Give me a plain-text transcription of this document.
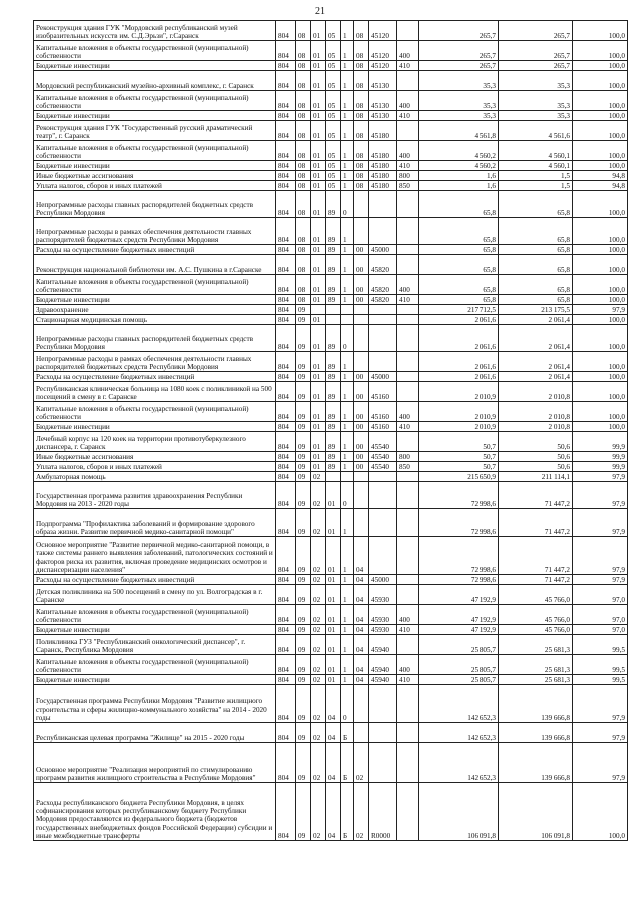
21
Реконструкция здания ГУК "Мордовский республиканский музей изобразительных искусств им. С.Д.Эрьзи", г.Саранск	804	08	01	05	1	08	45120		265,7	265,7	100,0
Капитальные вложения в объекты государственной (муниципальной) собственности	804	08	01	05	1	08	45120	400	265,7	265,7	100,0
Бюджетные инвестиции	804	08	01	05	1	08	45120	410	265,7	265,7	100,0
Мордовский республиканский музейно-архивный комплекс, г. Саранск	804	08	01	05	1	08	45130		35,3	35,3	100,0
Капитальные вложения в объекты государственной (муниципальной) собственности	804	08	01	05	1	08	45130	400	35,3	35,3	100,0
Бюджетные инвестиции	804	08	01	05	1	08	45130	410	35,3	35,3	100,0
Реконструкция здания ГУК "Государственный русский драматический театр", г. Саранск	804	08	01	05	1	08	45180		4 561,8	4 561,6	100,0
Капитальные вложения в объекты государственной (муниципальной) собственности	804	08	01	05	1	08	45180	400	4 560,2	4 560,1	100,0
Бюджетные инвестиции	804	08	01	05	1	08	45180	410	4 560,2	4 560,1	100,0
Иные бюджетные ассигнования	804	08	01	05	1	08	45180	800	1,6	1,5	94,8
Уплата налогов, сборов и иных платежей	804	08	01	05	1	08	45180	850	1,6	1,5	94,8
Непрограммные расходы главных распорядителей бюджетных средств Республики Мордовия	804	08	01	89	0				65,8	65,8	100,0
Непрограммные расходы в рамках обеспечения деятельности главных распорядителей бюджетных средств Республики Мордовия	804	08	01	89	1				65,8	65,8	100,0
Расходы на осуществление бюджетных инвестиций	804	08	01	89	1	00	45000		65,8	65,8	100,0
Реконструкция национальной библиотеки им. А.С. Пушкина в г.Саранске	804	08	01	89	1	00	45820		65,8	65,8	100,0
Капитальные вложения в объекты государственной (муниципальной) собственности	804	08	01	89	1	00	45820	400	65,8	65,8	100,0
Бюджетные инвестиции	804	08	01	89	1	00	45820	410	65,8	65,8	100,0
Здравоохранение	804	09							217 712,5	213 175,5	97,9
Стационарная медицинская помощь	804	09	01						2 061,6	2 061,4	100,0
Непрограммные расходы главных распорядителей бюджетных средств Республики Мордовия	804	09	01	89	0				2 061,6	2 061,4	100,0
Непрограммные расходы в рамках обеспечения деятельности главных распорядителей бюджетных средств Республики Мордовия	804	09	01	89	1				2 061,6	2 061,4	100,0
Расходы на осуществление бюджетных инвестиций	804	09	01	89	1	00	45000		2 061,6	2 061,4	100,0
Республиканская клиническая больница на 1080 коек с поликлиникой на 500 посещений в смену в г. Саранске	804	09	01	89	1	00	45160		2 010,9	2 010,8	100,0
Капитальные вложения в объекты государственной (муниципальной) собственности	804	09	01	89	1	00	45160	400	2 010,9	2 010,8	100,0
Бюджетные инвестиции	804	09	01	89	1	00	45160	410	2 010,9	2 010,8	100,0
Лечебный корпус на 120 коек на территории противотуберкулезного диспансера, г. Саранск	804	09	01	89	1	00	45540		50,7	50,6	99,9
Иные бюджетные ассигнования	804	09	01	89	1	00	45540	800	50,7	50,6	99,9
Уплата налогов, сборов и иных платежей	804	09	01	89	1	00	45540	850	50,7	50,6	99,9
Амбулаторная помощь	804	09	02						215 650,9	211 114,1	97,9
Государственная программа развития здравоохранения Республики Мордовия на 2013 - 2020 годы	804	09	02	01	0				72 998,6	71 447,2	97,9
Подпрограмма "Профилактика заболеваний и формирование здорового образа жизни. Развитие первичной медико-санитарной помощи"	804	09	02	01	1				72 998,6	71 447,2	97,9
Основное мероприятие "Развитие первичной медико-санитарной помощи, в также системы раннего выявления заболеваний, патологических состояний и факторов риска их развития, включая проведение медицинских осмотров и диспансеризации населения"	804	09	02	01	1	04			72 998,6	71 447,2	97,9
Расходы на осуществление бюджетных инвестиций	804	09	02	01	1	04	45000		72 998,6	71 447,2	97,9
Детская поликлиника на 500 посещений в смену по ул. Волгоградская в г. Саранске	804	09	02	01	1	04	45930		47 192,9	45 766,0	97,0
Капитальные вложения в объекты государственной (муниципальной) собственности	804	09	02	01	1	04	45930	400	47 192,9	45 766,0	97,0
Бюджетные инвестиции	804	09	02	01	1	04	45930	410	47 192,9	45 766,0	97,0
Поликлиника ГУЗ "Республиканский онкологический диспансер", г. Саранск, Республика Мордовия	804	09	02	01	1	04	45940		25 805,7	25 681,3	99,5
Капитальные вложения в объекты государственной (муниципальной) собственности	804	09	02	01	1	04	45940	400	25 805,7	25 681,3	99,5
Бюджетные инвестиции	804	09	02	01	1	04	45940	410	25 805,7	25 681,3	99,5
Государственная программа Республики Мордовия "Развитие жилищного строительства и сферы жилищно-коммунального хозяйства" на 2014 - 2020 годы	804	09	02	04	0				142 652,3	139 666,8	97,9
Республиканская целевая программа "Жилище" на 2015 - 2020 годы	804	09	02	04	Б				142 652,3	139 666,8	97,9
Основное мероприятие "Реализация мероприятий по стимулированию программ развития жилищного строительства в Республике Мордовия"	804	09	02	04	Б	02			142 652,3	139 666,8	97,9
Расходы республиканского бюджета Республики Мордовия, в целях софинансирования которых республиканскому бюджету Республики Мордовия предоставляются из федерального бюджета (бюджетов государственных внебюджетных фондов Российской Федерации) субсидии и иные межбюджетные трансферты	804	09	02	04	Б	02	R0000		106 091,8	106 091,8	100,0
